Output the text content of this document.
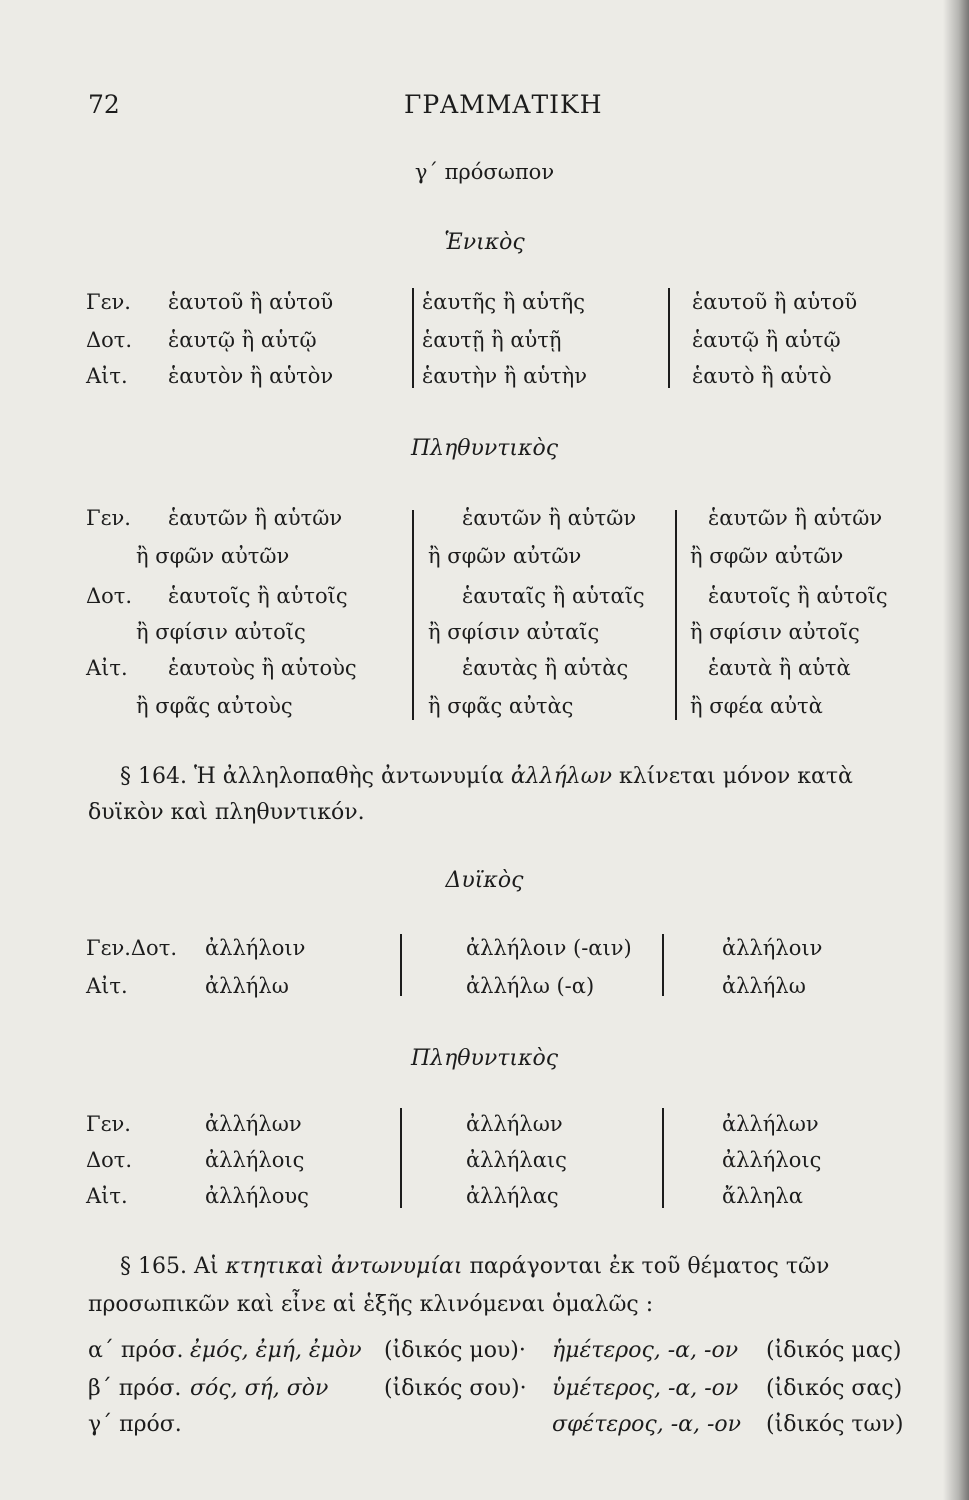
72	ΓΡΑΜΜΑΤΙΚΗ
γ΄ πρόσωπον
Ἑνικὸς
Γεν. ἑαυτοῦ ἢ αὑτοῦ	ἑαυτῆς ἢ αὑτῆς	ἑαυτοῦ ἢ αὑτοῦ
Δοτ. ἑαυτῷ ἢ αὑτῷ	ἑαυτῇ ἢ αὑτῇ	ἑαυτῷ ἢ αὑτῷ
Αἰτ. ἑαυτὸν ἢ αὑτὸν	ἑαυτὴν ἢ αὑτὴν	ἑαυτὸ ἢ αὑτὸ
Πληθυντικὸς
Γεν. ἑαυτῶν ἢ αὑτῶν	ἑαυτῶν ἢ αὑτῶν	ἑαυτῶν ἢ αὑτῶν
ἢ σφῶν αὐτῶν	ἢ σφῶν αὐτῶν	ἢ σφῶν αὐτῶν
Δοτ. ἑαυτοῖς ἢ αὑτοῖς	ἑαυταῖς ἢ αὑταῖς	ἑαυτοῖς ἢ αὑτοῖς
ἢ σφίσιν αὐτοῖς	ἢ σφίσιν αὐταῖς	ἢ σφίσιν αὐτοῖς
Αἰτ. ἑαυτοὺς ἢ αὑτοὺς	ἑαυτὰς ἢ αὑτὰς	ἑαυτὰ ἢ αὑτὰ
ἢ σφᾶς αὐτοὺς	ἢ σφᾶς αὐτὰς	ἢ σφέα αὐτὰ
§ 164. Ἡ ἀλληλοπαθὴς ἀντωνυμία ἀλλήλων κλίνεται μόνον κατὰ
δυϊκὸν καὶ πληθυντικόν.
Δυϊκὸς
Γεν.Δοτ. ἀλλήλοιν	ἀλλήλοιν (-αιν)	ἀλλήλοιν
Αἰτ.	ἀλλήλω	ἀλλήλω (-α)	ἀλλήλω
Πληθυντικὸς
Γεν.	ἀλλήλων	ἀλλήλων	ἀλλήλων
Δοτ.	ἀλλήλοις	ἀλλήλαις	ἀλλήλοις
Αἰτ.	ἀλλήλους	ἀλλήλας	ἄλληλα
§ 165. Αἱ κτητικαὶ ἀντωνυμίαι παράγονται ἐκ τοῦ θέματος τῶν
προσωπικῶν καὶ εἶνε αἱ ἑξῆς κλινόμεναι ὁμαλῶς :
α΄ πρόσ. ἐμός, ἐμή, ἐμὸν (ἰδικός μου)· ἡμέτερος, -α, -ον (ἰδικός μας)
β΄ πρόσ. σός, σή, σὸν	(ἰδικός σου)· ὑμέτερος, -α, -ον (ἰδικός σας)
γ΄ πρόσ.	σφέτερος, -α, -ον (ἰδικός των)
